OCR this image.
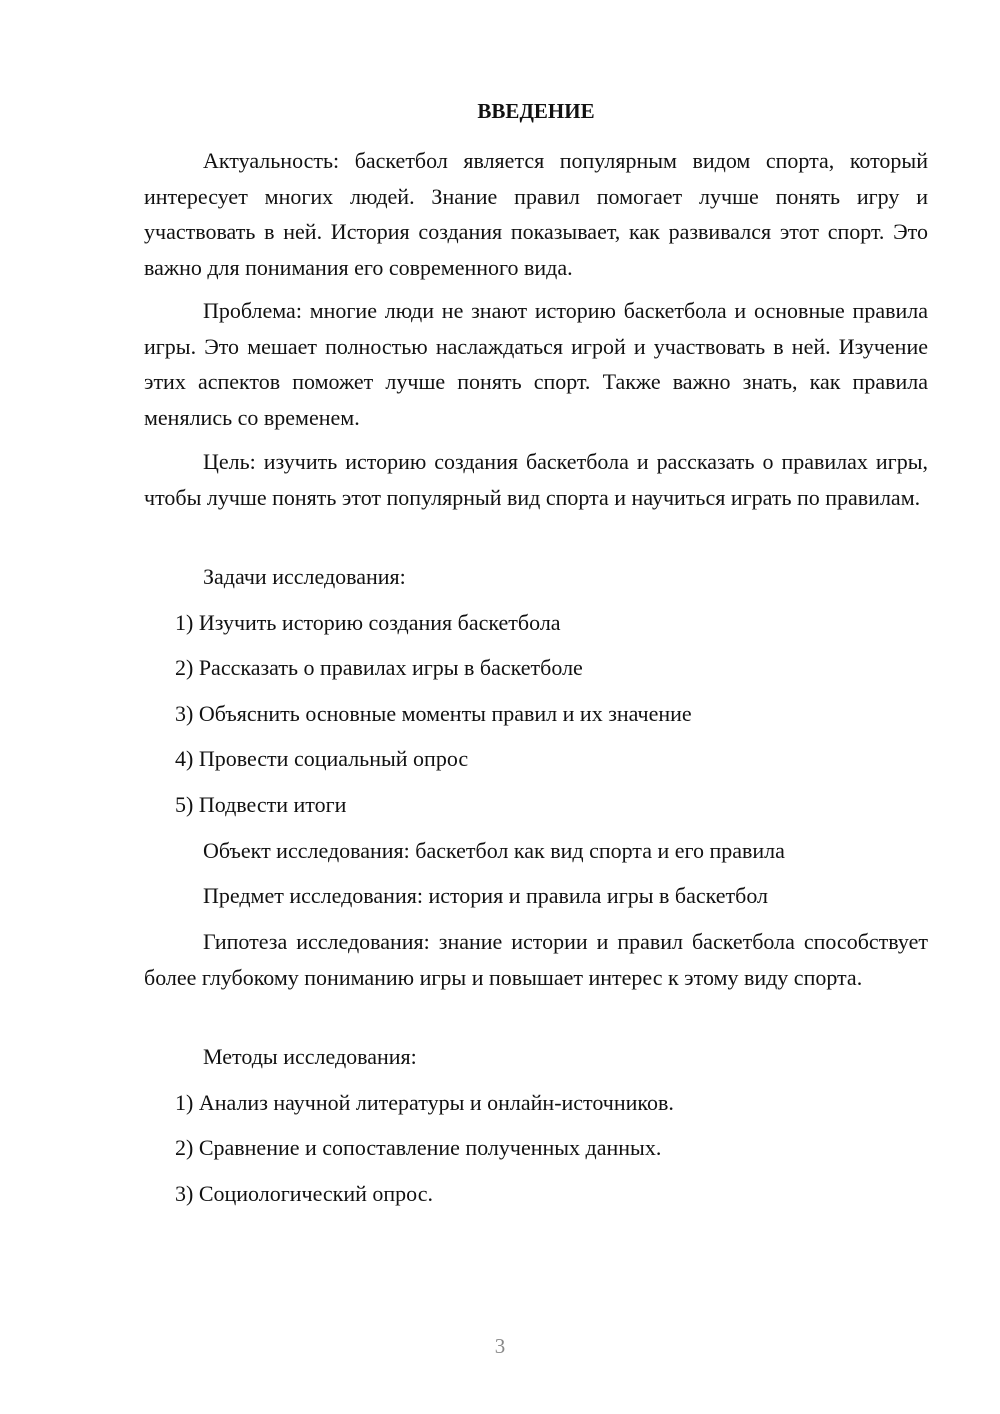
ВВЕДЕНИЕ

Актуальность: баскетбол является популярным видом спорта, который интересует многих людей. Знание правил помогает лучше понять игру и участвовать в ней. История создания показывает, как развивался этот спорт. Это важно для понимания его современного вида.

Проблема: многие люди не знают историю баскетбола и основные правила игры. Это мешает полностью наслаждаться игрой и участвовать в ней. Изучение этих аспектов поможет лучше понять спорт. Также важно знать, как правила менялись со временем.

Цель: изучить историю создания баскетбола и рассказать о правилах игры, чтобы лучше понять этот популярный вид спорта и научиться играть по правилам.

Задачи исследования:

1) Изучить историю создания баскетбола

2) Рассказать о правилах игры в баскетболе

3) Объяснить основные моменты правил и их значение

4) Провести социальный опрос

5) Подвести итоги

Объект исследования: баскетбол как вид спорта и его правила

Предмет исследования: история и правила игры в баскетбол

Гипотеза исследования: знание истории и правил баскетбола способствует более глубокому пониманию игры и повышает интерес к этому виду спорта.

Методы исследования:

1) Анализ научной литературы и онлайн-источников.

2) Сравнение и сопоставление полученных данных.

3) Социологический опрос.

3
